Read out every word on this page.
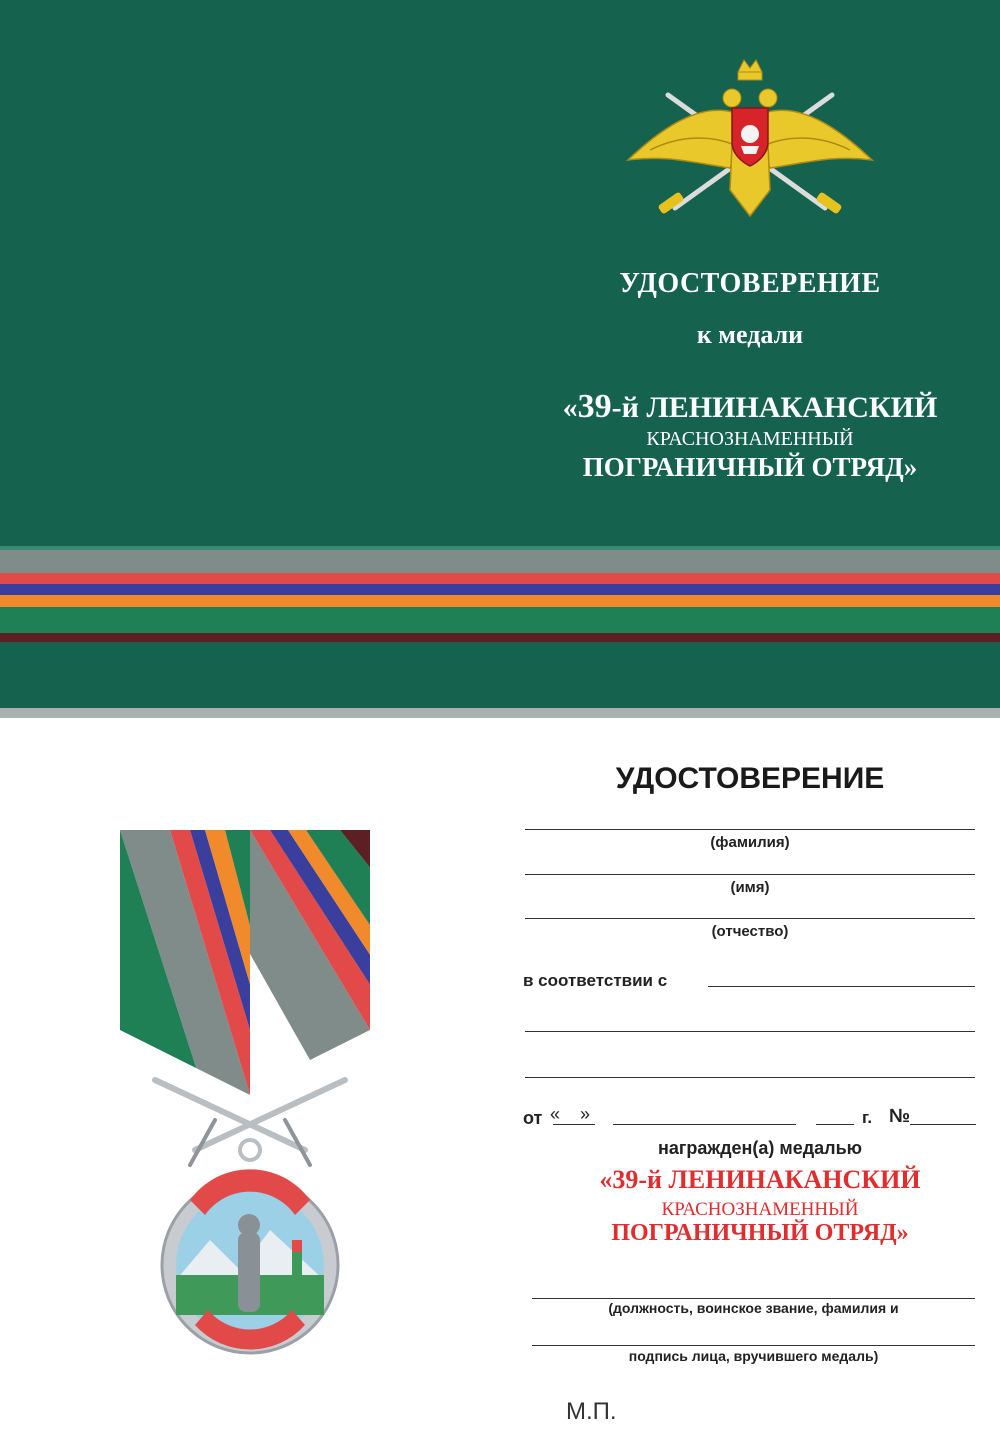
УДОСТОВЕРЕНИЕ
к медали
«39-й ЛЕНИНАКАНСКИЙ
КРАСНОЗНАМЕННЫЙ
ПОГРАНИЧНЫЙ ОТРЯД»
УДОСТОВЕРЕНИЕ
(фамилия)
(имя)
(отчество)
в соответствии с
от «    »	г. №
награжден(а) медалью
«39-й ЛЕНИНАКАНСКИЙ
КРАСНОЗНАМЕННЫЙ
ПОГРАНИЧНЫЙ ОТРЯД»
(должность, воинское звание, фамилия и
подпись лица, вручившего медаль)
М.П.
